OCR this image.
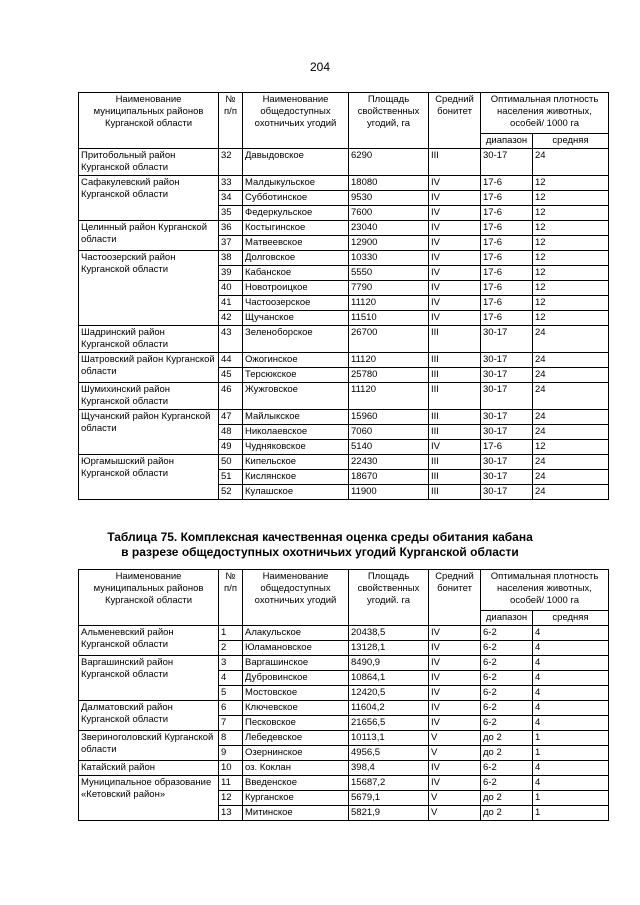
204
Наименование муниципальных районов Курганской области	№ п/п	Наименование общедоступных охотничьих угодий	Площадь свойственных угодий, га	Средний бонитет	Оптимальная плотность населения животных, особей/ 1000 га	
					диапазон	средняя
Притобольный район Курганской области	32	Давыдовское	6290	III	30-17	24
Сафакулевский район Курганской области	33	Малдыкульское	18080	IV	17-6	12
	34	Субботинское	9530	IV	17-6	12
	35	Федеркульское	7600	IV	17-6	12
Целинный район Курганской области	36	Костыгинское	23040	IV	17-6	12
	37	Матвеевское	12900	IV	17-6	12
Частоозерский район Курганской области	38	Долговское	10330	IV	17-6	12
	39	Кабанское	5550	IV	17-6	12
	40	Новотроицкое	7790	IV	17-6	12
	41	Частоозерское	11120	IV	17-6	12
	42	Щучанское	11510	IV	17-6	12
Шадринский район Курганской области	43	Зеленоборское	26700	III	30-17	24
Шатровский район Курганской области	44	Ожогинское	11120	III	30-17	24
	45	Терсюкское	25780	III	30-17	24
Шумихинский район Курганской области	46	Жужговское	11120	III	30-17	24
Щучанский район Курганской области	47	Майлыкское	15960	III	30-17	24
	48	Николаевское	7060	III	30-17	24
	49	Чудняковское	5140	IV	17-6	12
Юргамышский район Курганской области	50	Кипельское	22430	III	30-17	24
	51	Кислянское	18670	III	30-17	24
	52	Кулашское	11900	III	30-17	24
Таблица 75. Комплексная качественная оценка среды обитания кабана
в разрезе общедоступных охотничьих угодий Курганской области
Наименование муниципальных районов Курганской области	№ п/п	Наименование общедоступных охотничьих угодий	Площадь свойственных угодий. га	Средний бонитет	Оптимальная плотность населения животных, особей/ 1000 га	
					диапазон	средняя
Альменевский район Курганской области	1	Алакульское	20438,5	IV	6-2	4
	2	Юламановское	13128,1	IV	6-2	4
Варгашинский район Курганской области	3	Варгашинское	8490,9	IV	6-2	4
	4	Дубровинское	10864,1	IV	6-2	4
	5	Мостовское	12420,5	IV	6-2	4
Далматовский район Курганской области	6	Ключевское	11604,2	IV	6-2	4
	7	Песковское	21656,5	IV	6-2	4
Звериноголовский Курганской области	8	Лебедевское	10113,1	V	до 2	1
	9	Озернинское	4956,5	V	до 2	1
Катайский район	10	оз. Коклан	398,4	IV	6-2	4
Муниципальное образование «Кетовский район»	11	Введенское	15687,2	IV	6-2	4
	12	Курганское	5679,1	V	до 2	1
	13	Митинское	5821,9	V	до 2	1
